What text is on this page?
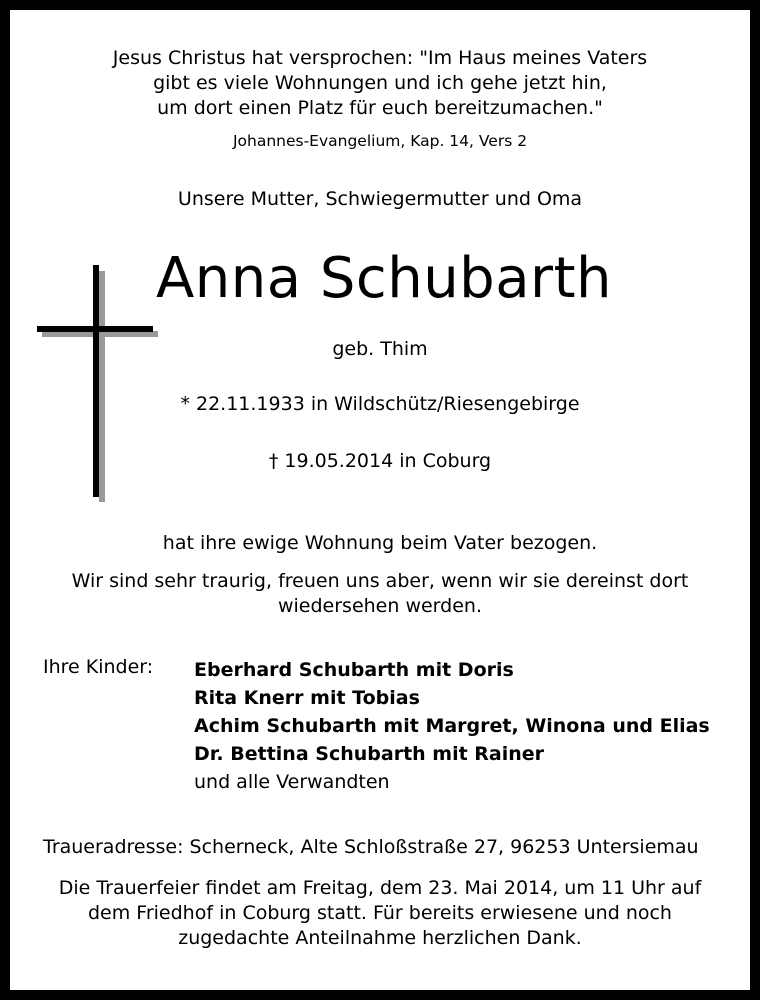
Jesus Christus hat versprochen: "Im Haus meines Vaters
gibt es viele Wohnungen und ich gehe jetzt hin,
um dort einen Platz für euch bereitzumachen."
Johannes-Evangelium, Kap. 14, Vers 2
Unsere Mutter, Schwiegermutter und Oma
Anna Schubarth
geb. Thim
* 22.11.1933 in Wildschütz/Riesengebirge
† 19.05.2014 in Coburg
hat ihre ewige Wohnung beim Vater bezogen.
Wir sind sehr traurig, freuen uns aber, wenn wir sie dereinst dort
wiedersehen werden.
Ihre Kinder: Eberhard Schubarth mit Doris
Rita Knerr mit Tobias
Achim Schubarth mit Margret, Winona und Elias
Dr. Bettina Schubarth mit Rainer
und alle Verwandten
Traueradresse: Scherneck, Alte Schloßstraße 27, 96253 Untersiemau
Die Trauerfeier findet am Freitag, dem 23. Mai 2014, um 11 Uhr auf
dem Friedhof in Coburg statt. Für bereits erwiesene und noch
zugedachte Anteilnahme herzlichen Dank.
